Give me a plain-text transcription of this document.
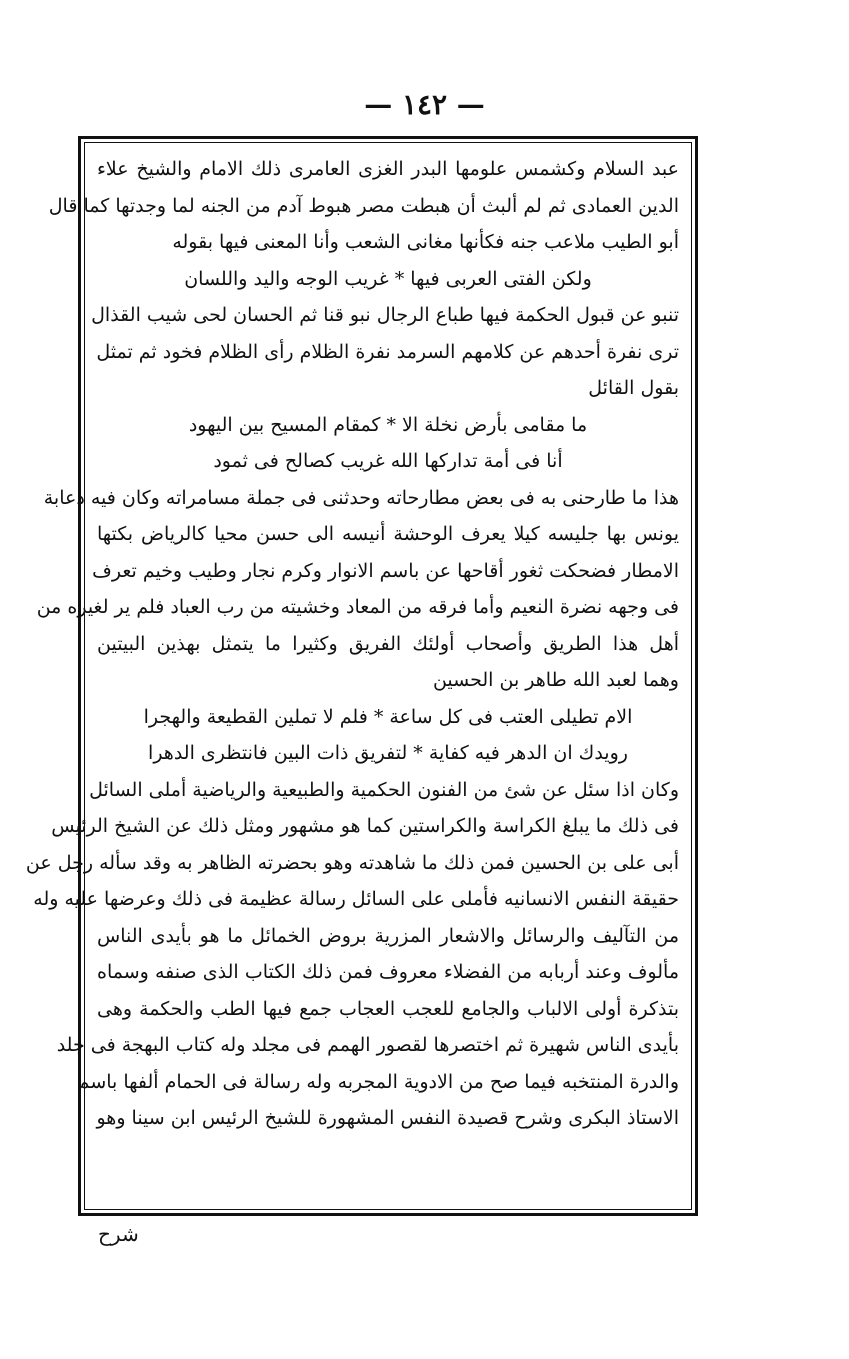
— ١٤٢ —
عبد السلام وكشمس علومها البدر الغزى العامرى ذلك الامام والشيخ علاء
الدين العمادى ثم لم ألبث أن هبطت مصر هبوط آدم من الجنه لما وجدتها كما قال
أبو الطيب ملاعب جنه فكأنها مغانى الشعب وأنا المعنى فيها بقوله
ولكن الفتى العربى فيها * غريب الوجه واليد واللسان
تنبو عن قبول الحكمة فيها طباع الرجال نبو قنا ثم الحسان لحى شيب القذال
ترى نفرة أحدهم عن كلامهم السرمد نفرة الظلام رأى الظلام فخود ثم تمثل
بقول القائل
ما مقامى بأرض نخلة الا * كمقام المسيح بين اليهود
أنا فى أمة تداركها الله غريب كصالح فى ثمود
هذا ما طارحنى به فى بعض مطارحاته وحدثنى فى جملة مسامراته وكان فيه دعابة
يونس بها جليسه كيلا يعرف الوحشة أنيسه الى حسن محيا كالرياض بكتها
الامطار فضحكت ثغور أقاحها عن باسم الانوار وكرم نجار وطيب وخيم تعرف
فى وجهه نضرة النعيم وأما فرقه من المعاد وخشيته من رب العباد فلم ير لغيره من
أهل هذا الطريق وأصحاب أولئك الفريق وكثيرا ما يتمثل بهذين البيتين
وهما لعبد الله طاهر بن الحسين
الام تطيلى العتب فى كل ساعة * فلم لا تملين القطيعة والهجرا
رويدك ان الدهر فيه كفاية * لتفريق ذات البين فانتظرى الدهرا
وكان اذا سئل عن شئ من الفنون الحكمية والطبيعية والرياضية أملى السائل
فى ذلك ما يبلغ الكراسة والكراستين كما هو مشهور ومثل ذلك عن الشيخ الرئيس
أبى على بن الحسين فمن ذلك ما شاهدته وهو بحضرته الظاهر به وقد سأله رجل عن
حقيقة النفس الانسانيه فأملى على السائل رسالة عظيمة فى ذلك وعرضها عليه وله
من التآليف والرسائل والاشعار المزرية بروض الخمائل ما هو بأيدى الناس
مألوف وعند أربابه من الفضلاء معروف فمن ذلك الكتاب الذى صنفه وسماه
بتذكرة أولى الالباب والجامع للعجب العجاب جمع فيها الطب والحكمة وهى
بأيدى الناس شهيرة ثم اختصرها لقصور الهمم فى مجلد وله كتاب البهجة فى جلد
والدرة المنتخبه فيما صح من الادوية المجربه وله رسالة فى الحمام ألفها باسم
الاستاذ البكرى وشرح قصيدة النفس المشهورة للشيخ الرئيس ابن سينا وهو
شرح
